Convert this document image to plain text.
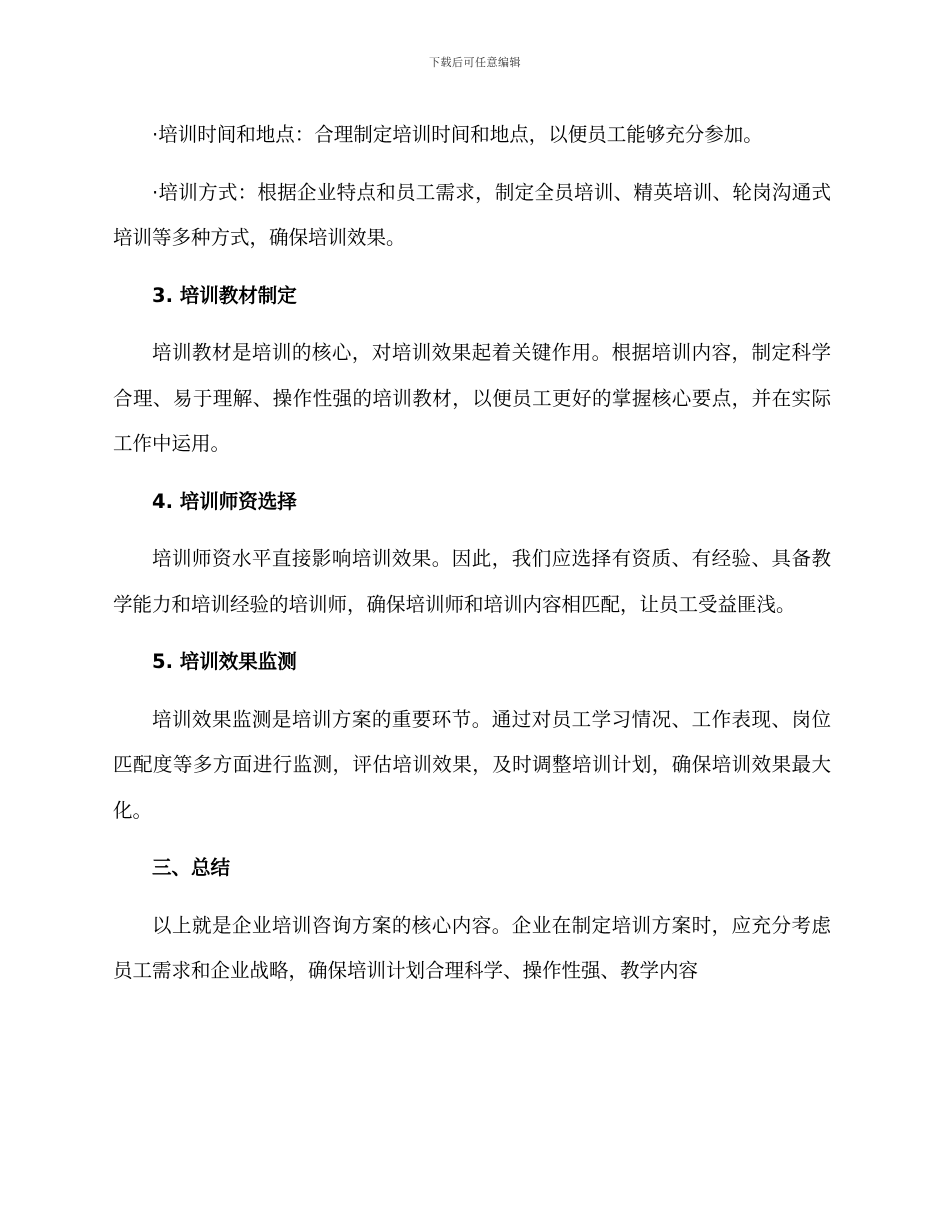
下载后可任意编辑

·培训时间和地点：合理制定培训时间和地点，以便员工能够充分参加。

·培训方式：根据企业特点和员工需求，制定全员培训、精英培训、轮岗沟通式培训等多种方式，确保培训效果。

3. 培训教材制定

培训教材是培训的核心，对培训效果起着关键作用。根据培训内容，制定科学合理、易于理解、操作性强的培训教材，以便员工更好的掌握核心要点，并在实际工作中运用。

4. 培训师资选择

培训师资水平直接影响培训效果。因此，我们应选择有资质、有经验、具备教学能力和培训经验的培训师，确保培训师和培训内容相匹配，让员工受益匪浅。

5. 培训效果监测

培训效果监测是培训方案的重要环节。通过对员工学习情况、工作表现、岗位匹配度等多方面进行监测，评估培训效果，及时调整培训计划，确保培训效果最大化。

三、总结

以上就是企业培训咨询方案的核心内容。企业在制定培训方案时，应充分考虑员工需求和企业战略，确保培训计划合理科学、操作性强、教学内容
